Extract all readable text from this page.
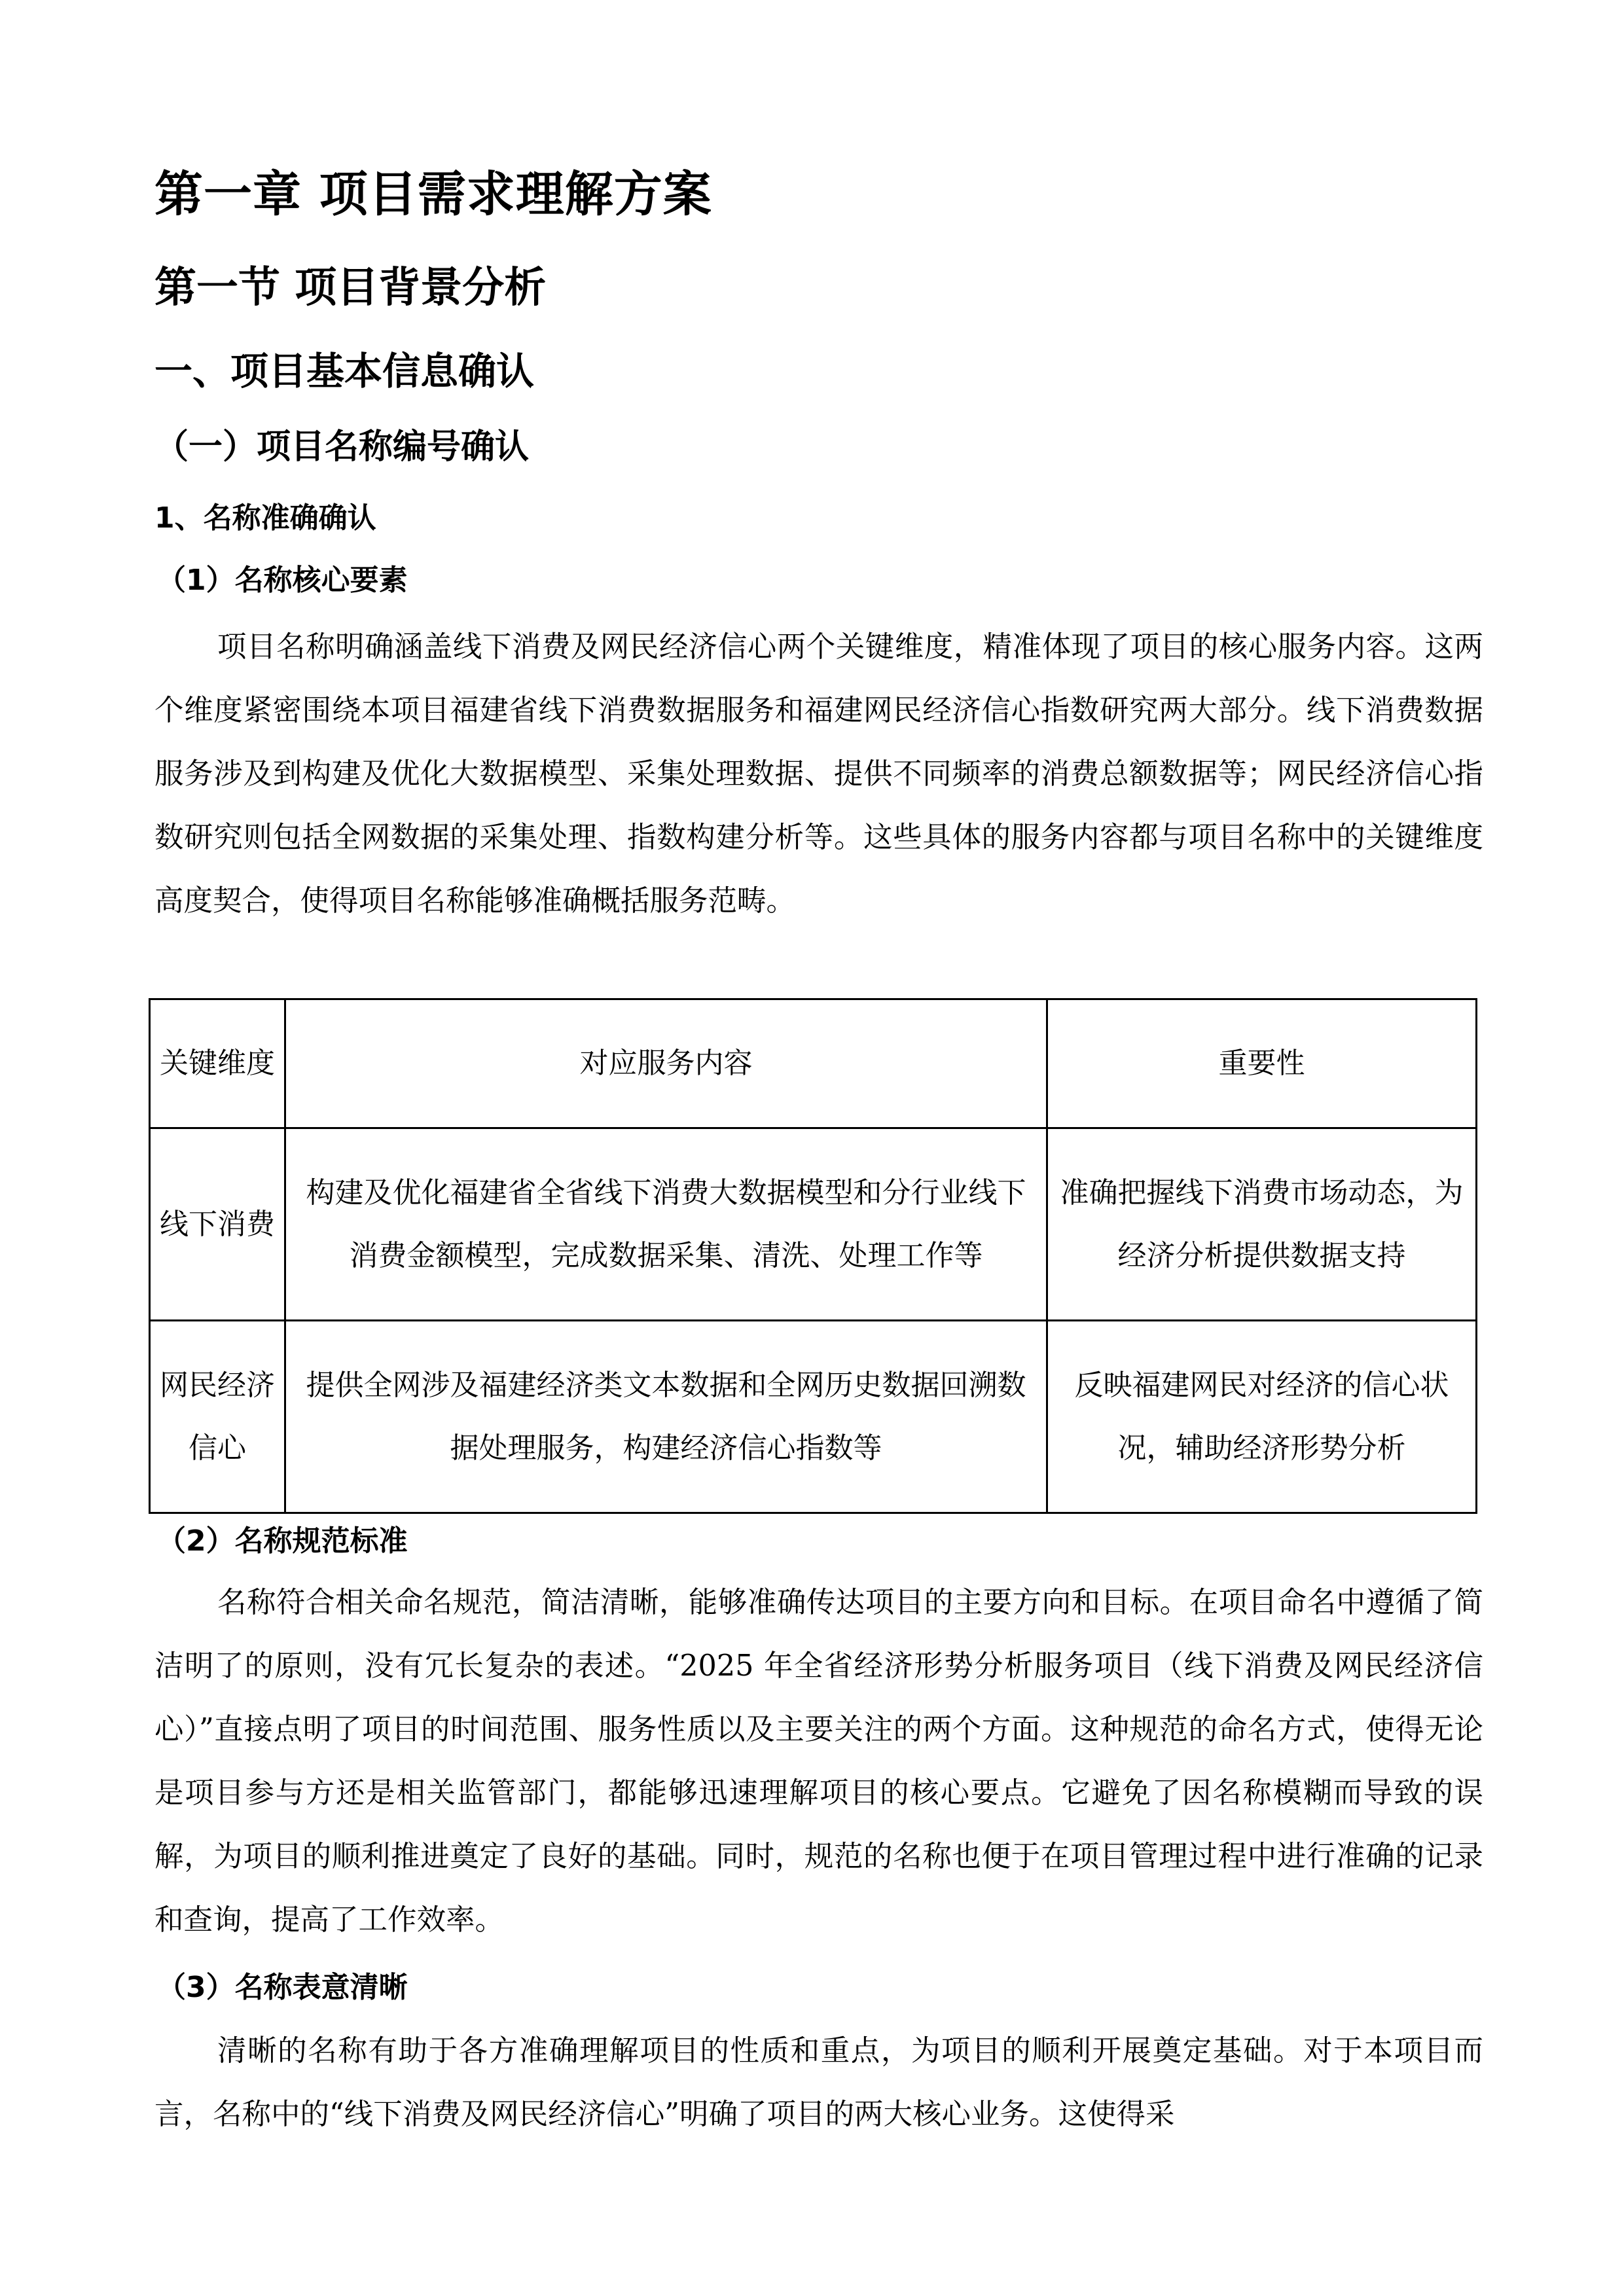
第一章 项目需求理解方案
第一节 项目背景分析
一、项目基本信息确认
（一）项目名称编号确认
1、名称准确确认
（1）名称核心要素
项目名称明确涵盖线下消费及网民经济信心两个关键维度，精准体现了项目的核心服务内容。这两个维度紧密围绕本项目福建省线下消费数据服务和福建网民经济信心指数研究两大部分。线下消费数据服务涉及到构建及优化大数据模型、采集处理数据、提供不同频率的消费总额数据等；网民经济信心指数研究则包括全网数据的采集处理、指数构建分析等。这些具体的服务内容都与项目名称中的关键维度高度契合，使得项目名称能够准确概括服务范畴。
关键维度	对应服务内容	重要性
线下消费	构建及优化福建省全省线下消费大数据模型和分行业线下消费金额模型，完成数据采集、清洗、处理工作等	准确把握线下消费市场动态，为经济分析提供数据支持
网民经济信心	提供全网涉及福建经济类文本数据和全网历史数据回溯数据处理服务，构建经济信心指数等	反映福建网民对经济的信心状况，辅助经济形势分析
（2）名称规范标准
名称符合相关命名规范，简洁清晰，能够准确传达项目的主要方向和目标。在项目命名中遵循了简洁明了的原则，没有冗长复杂的表述。“2025 年全省经济形势分析服务项目（线下消费及网民经济信心）”直接点明了项目的时间范围、服务性质以及主要关注的两个方面。这种规范的命名方式，使得无论是项目参与方还是相关监管部门，都能够迅速理解项目的核心要点。它避免了因名称模糊而导致的误解，为项目的顺利推进奠定了良好的基础。同时，规范的名称也便于在项目管理过程中进行准确的记录和查询，提高了工作效率。
（3）名称表意清晰
清晰的名称有助于各方准确理解项目的性质和重点，为项目的顺利开展奠定基础。对于本项目而言，名称中的“线下消费及网民经济信心”明确了项目的两大核心业务。这使得采
